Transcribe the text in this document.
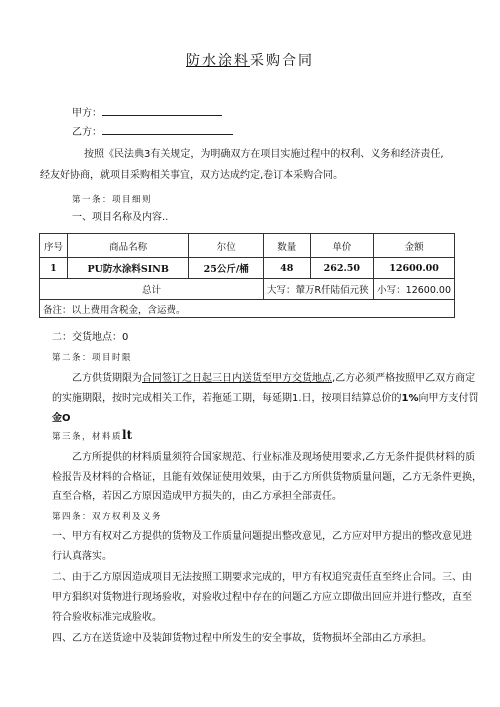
防水涂料采购合同
甲方：
乙方：
按照《民法典3有关规定，为明确双方在项目实施过程中的权利、义务和经济责任,
经友好协商，就项目采购相关事宜，双方达成约定,卷订本采购合同。
第一条：项目细则
一、项目名称及内容..
序号	商品名称	尔位	数量	单价	金额
1	PU防水涂料SINB	25公斤/桶	48	262.50	12600.00
总计			大写：輦万R仟陆佰元狭		小写：12600.00
备注：以上费用含税金，含运费。					
二：交货地点：0
第二条：项目时限
乙方供货期限为合同签订之日起三日内送货至甲方交货地点,乙方必须严格按照甲乙双方商定
的实施期限，按时完成相关工作，若拖延工期，每延期1.日，按项目结算总价的1%向甲方支付罚
金O
第三条，材料质lt
乙方所提供的材料质量须符合国家规范、行业标准及现场使用要求,乙方无条件提供材料的质
检报告及材料的合格证，且能有效保证使用效果，由于乙方所供货物质量问题，乙方无条件更换，
直至合格，若因乙方原因造成甲方损失的，由乙方承担全部责任。
第四条：双方权利及义务
一、甲方有权对乙方提供的货物及工作质量问题提出整改意见，乙方应对甲方提出的整改意见进
行认真落实。
二、由于乙方原因造成项目无法按照工期要求完成的，甲方有权追究责任直至终止合同。三、由
甲方猖织对货物进行现场验收，对验收过程中存在的问题乙方应立即做出回应并进行整改，直至
符合验收标准完成脸收。
四、乙方在送货途中及装卸货物过程中所发生的安全事故，货物损坏全部由乙方承担。
